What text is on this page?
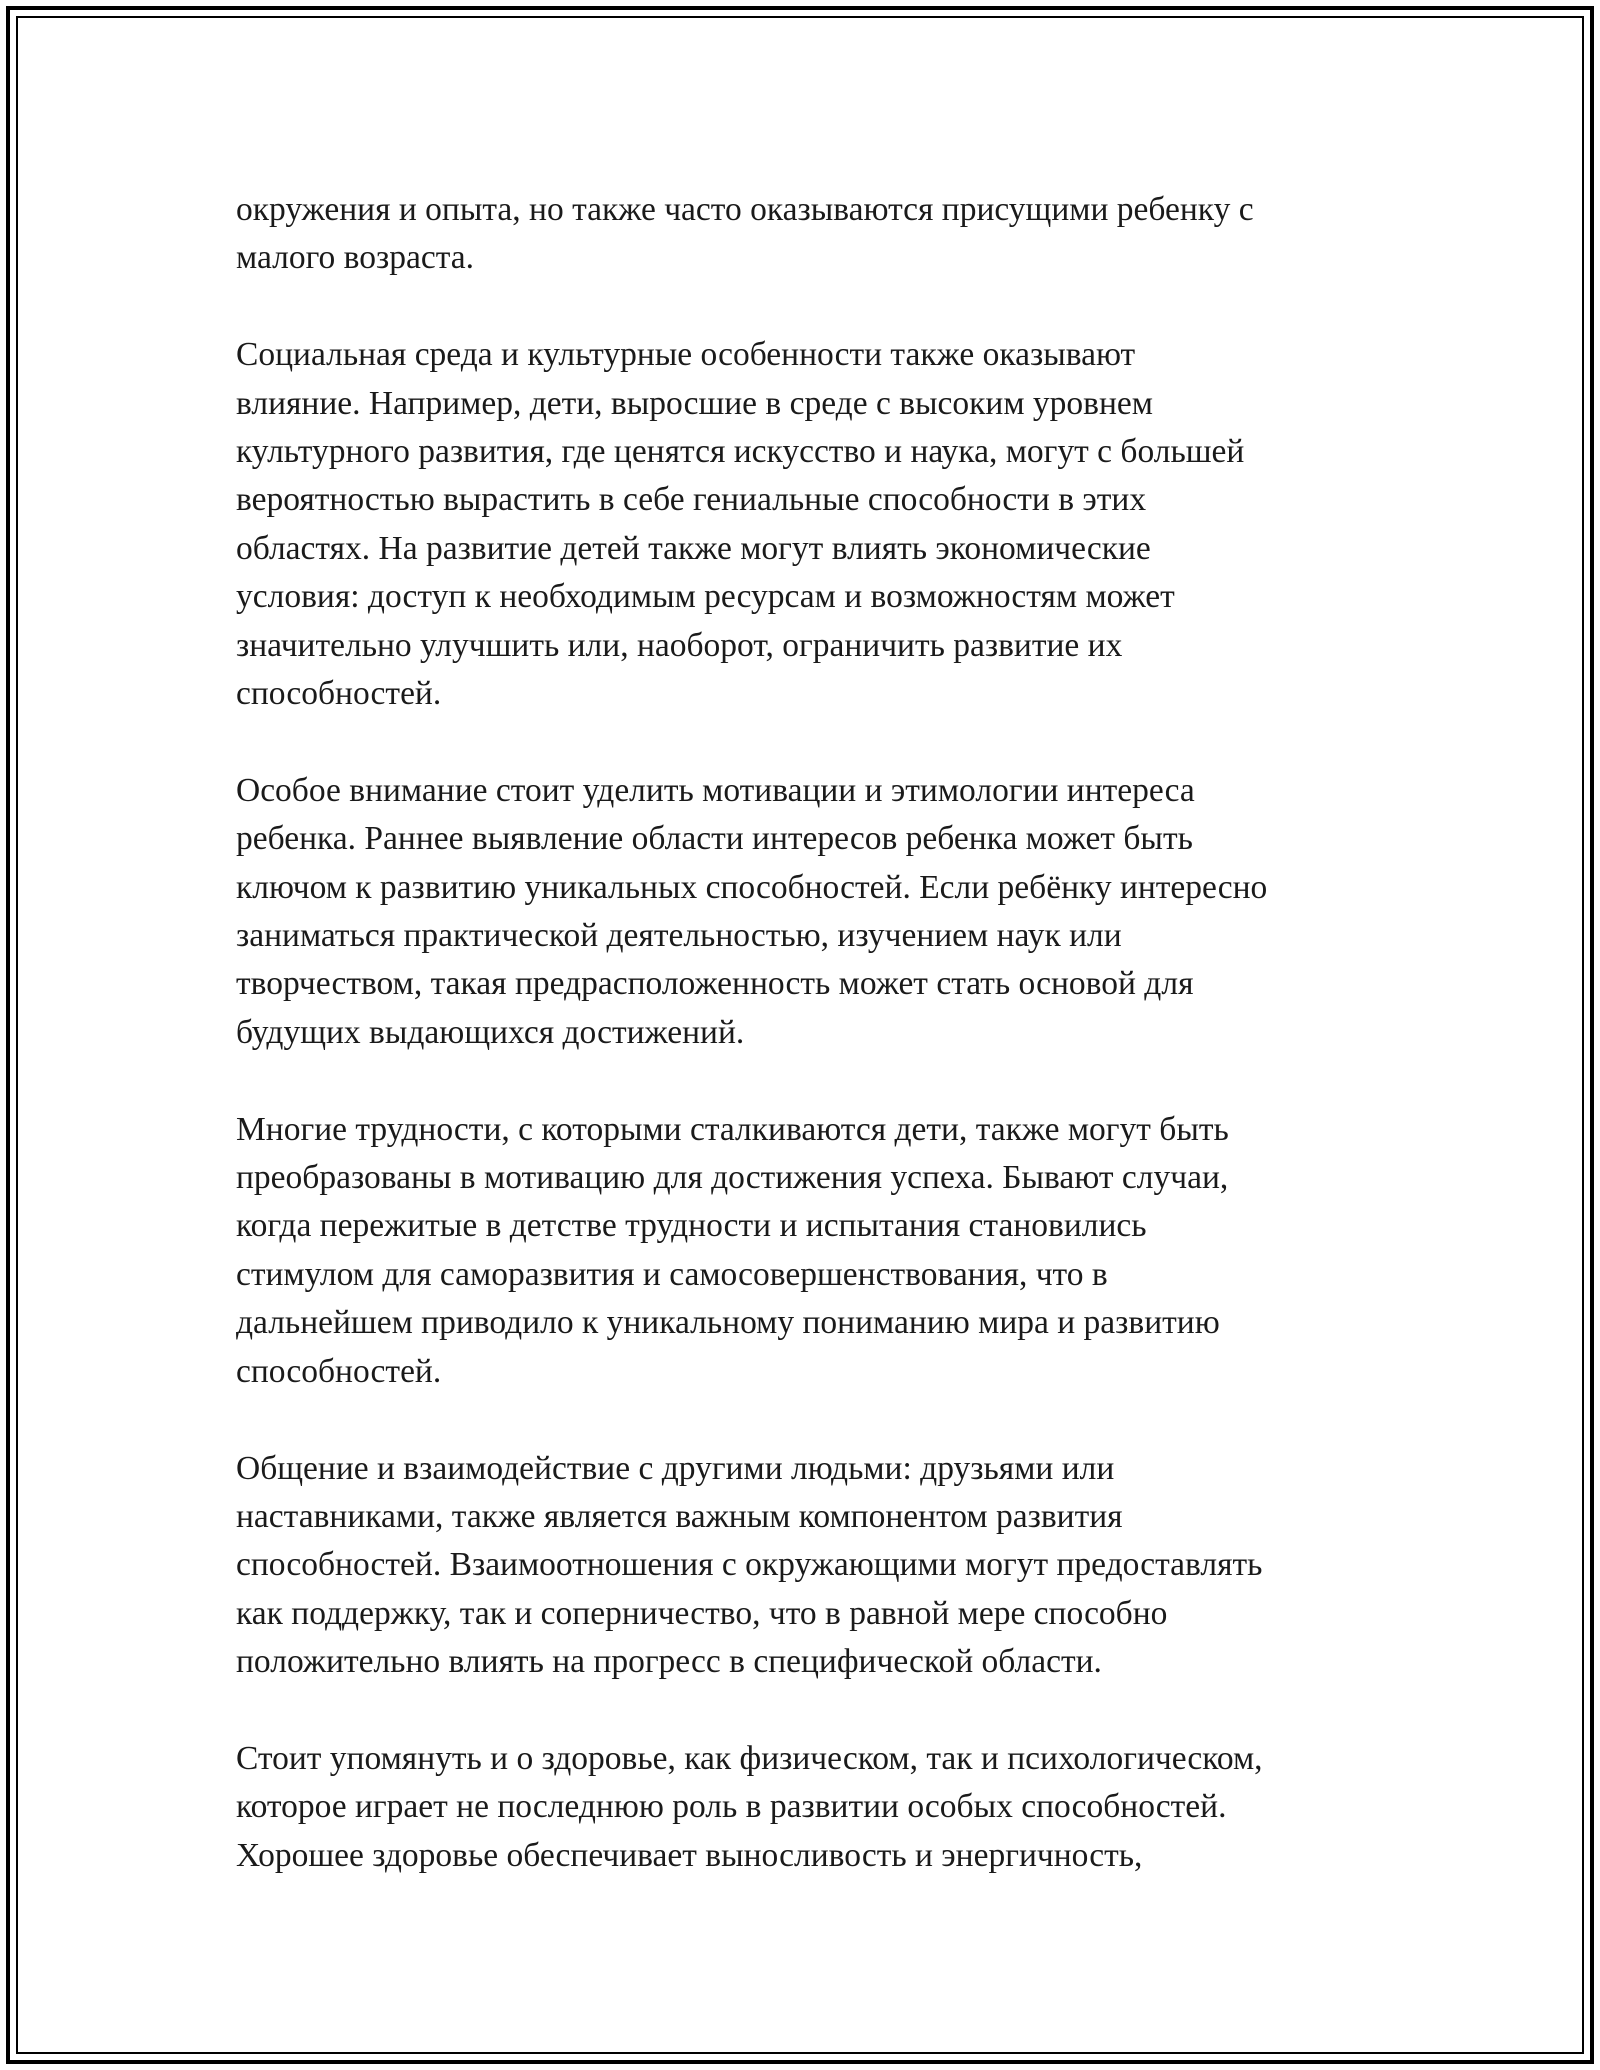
окружения и опыта, но также часто оказываются присущими ребенку с
малого возраста.

Социальная среда и культурные особенности также оказывают
влияние. Например, дети, выросшие в среде с высоким уровнем
культурного развития, где ценятся искусство и наука, могут с большей
вероятностью вырастить в себе гениальные способности в этих
областях. На развитие детей также могут влиять экономические
условия: доступ к необходимым ресурсам и возможностям может
значительно улучшить или, наоборот, ограничить развитие их
способностей.

Особое внимание стоит уделить мотивации и этимологии интереса
ребенка. Раннее выявление области интересов ребенка может быть
ключом к развитию уникальных способностей. Если ребёнку интересно
заниматься практической деятельностью, изучением наук или
творчеством, такая предрасположенность может стать основой для
будущих выдающихся достижений.

Многие трудности, с которыми сталкиваются дети, также могут быть
преобразованы в мотивацию для достижения успеха. Бывают случаи,
когда пережитые в детстве трудности и испытания становились
стимулом для саморазвития и самосовершенствования, что в
дальнейшем приводило к уникальному пониманию мира и развитию
способностей.

Общение и взаимодействие с другими людьми: друзьями или
наставниками, также является важным компонентом развития
способностей. Взаимоотношения с окружающими могут предоставлять
как поддержку, так и соперничество, что в равной мере способно
положительно влиять на прогресс в специфической области.

Стоит упомянуть и о здоровье, как физическом, так и психологическом,
которое играет не последнюю роль в развитии особых способностей.
Хорошее здоровье обеспечивает выносливость и энергичность,
